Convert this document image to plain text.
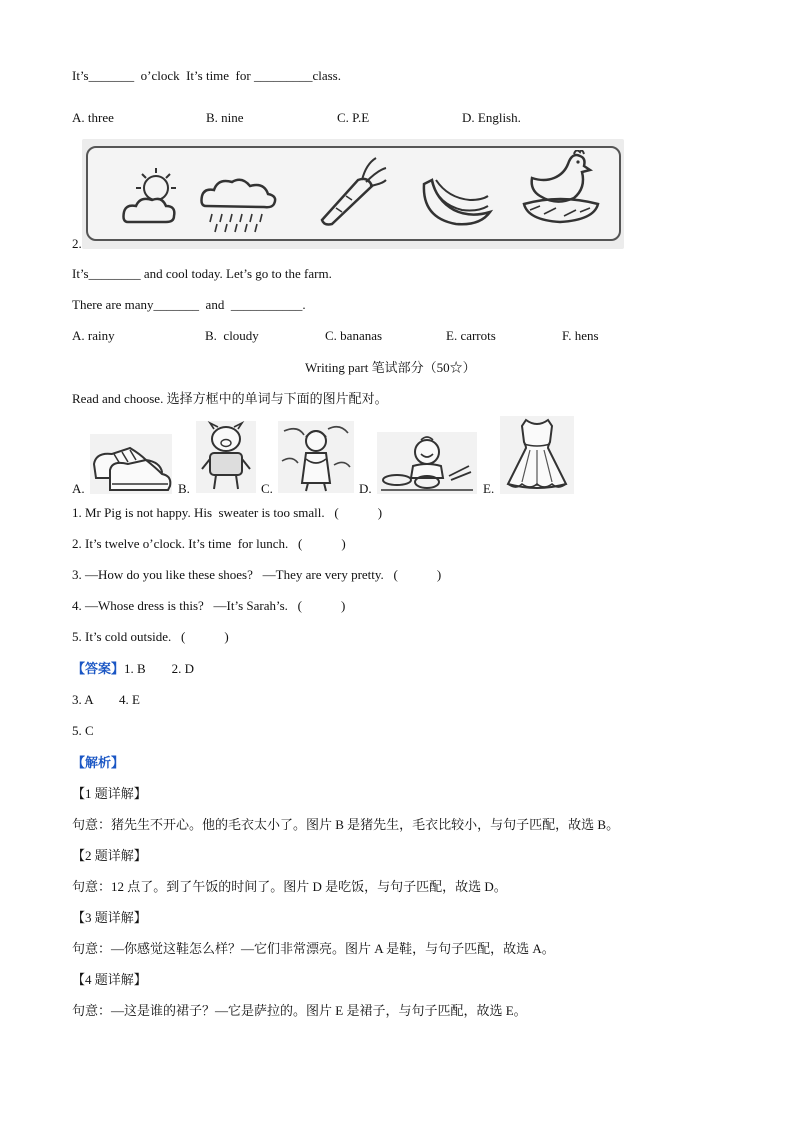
It’s_______  o’clock  It’s time  for _________class.
A. three	B. nine	C. P.E	D. English.
2.
It’s________ and cool today. Let’s go to the farm.
There are many_______  and  ___________.
A. rainy	B.  cloudy	C. bananas	E. carrots	F. hens
Writing part 笔试部分（50☆）
Read and choose. 选择方框中的单词与下面的图片配对。
A.	B.	C.	D.	E.
1. Mr Pig is not happy. His  sweater is too small.   (            )
2. It’s twelve o’clock. It’s time  for lunch.   (            )
3. —How do you like these shoes?   —They are very pretty.   (            )
4. —Whose dress is this?   —It’s Sarah’s.   (            )
5. It’s cold outside.   (            )
【答案】1. B        2. D
3. A        4. E
5. C
【解析】
【1 题详解】
句意：猪先生不开心。他的毛衣太小了。图片 B 是猪先生，毛衣比较小，与句子匹配，故选 B。
【2 题详解】
句意：12 点了。到了午饭的时间了。图片 D 是吃饭，与句子匹配，故选 D。
【3 题详解】
句意：—你感觉这鞋怎么样？—它们非常漂亮。图片 A 是鞋，与句子匹配，故选 A。
【4 题详解】
句意：—这是谁的裙子？—它是萨拉的。图片 E 是裙子，与句子匹配，故选 E。
